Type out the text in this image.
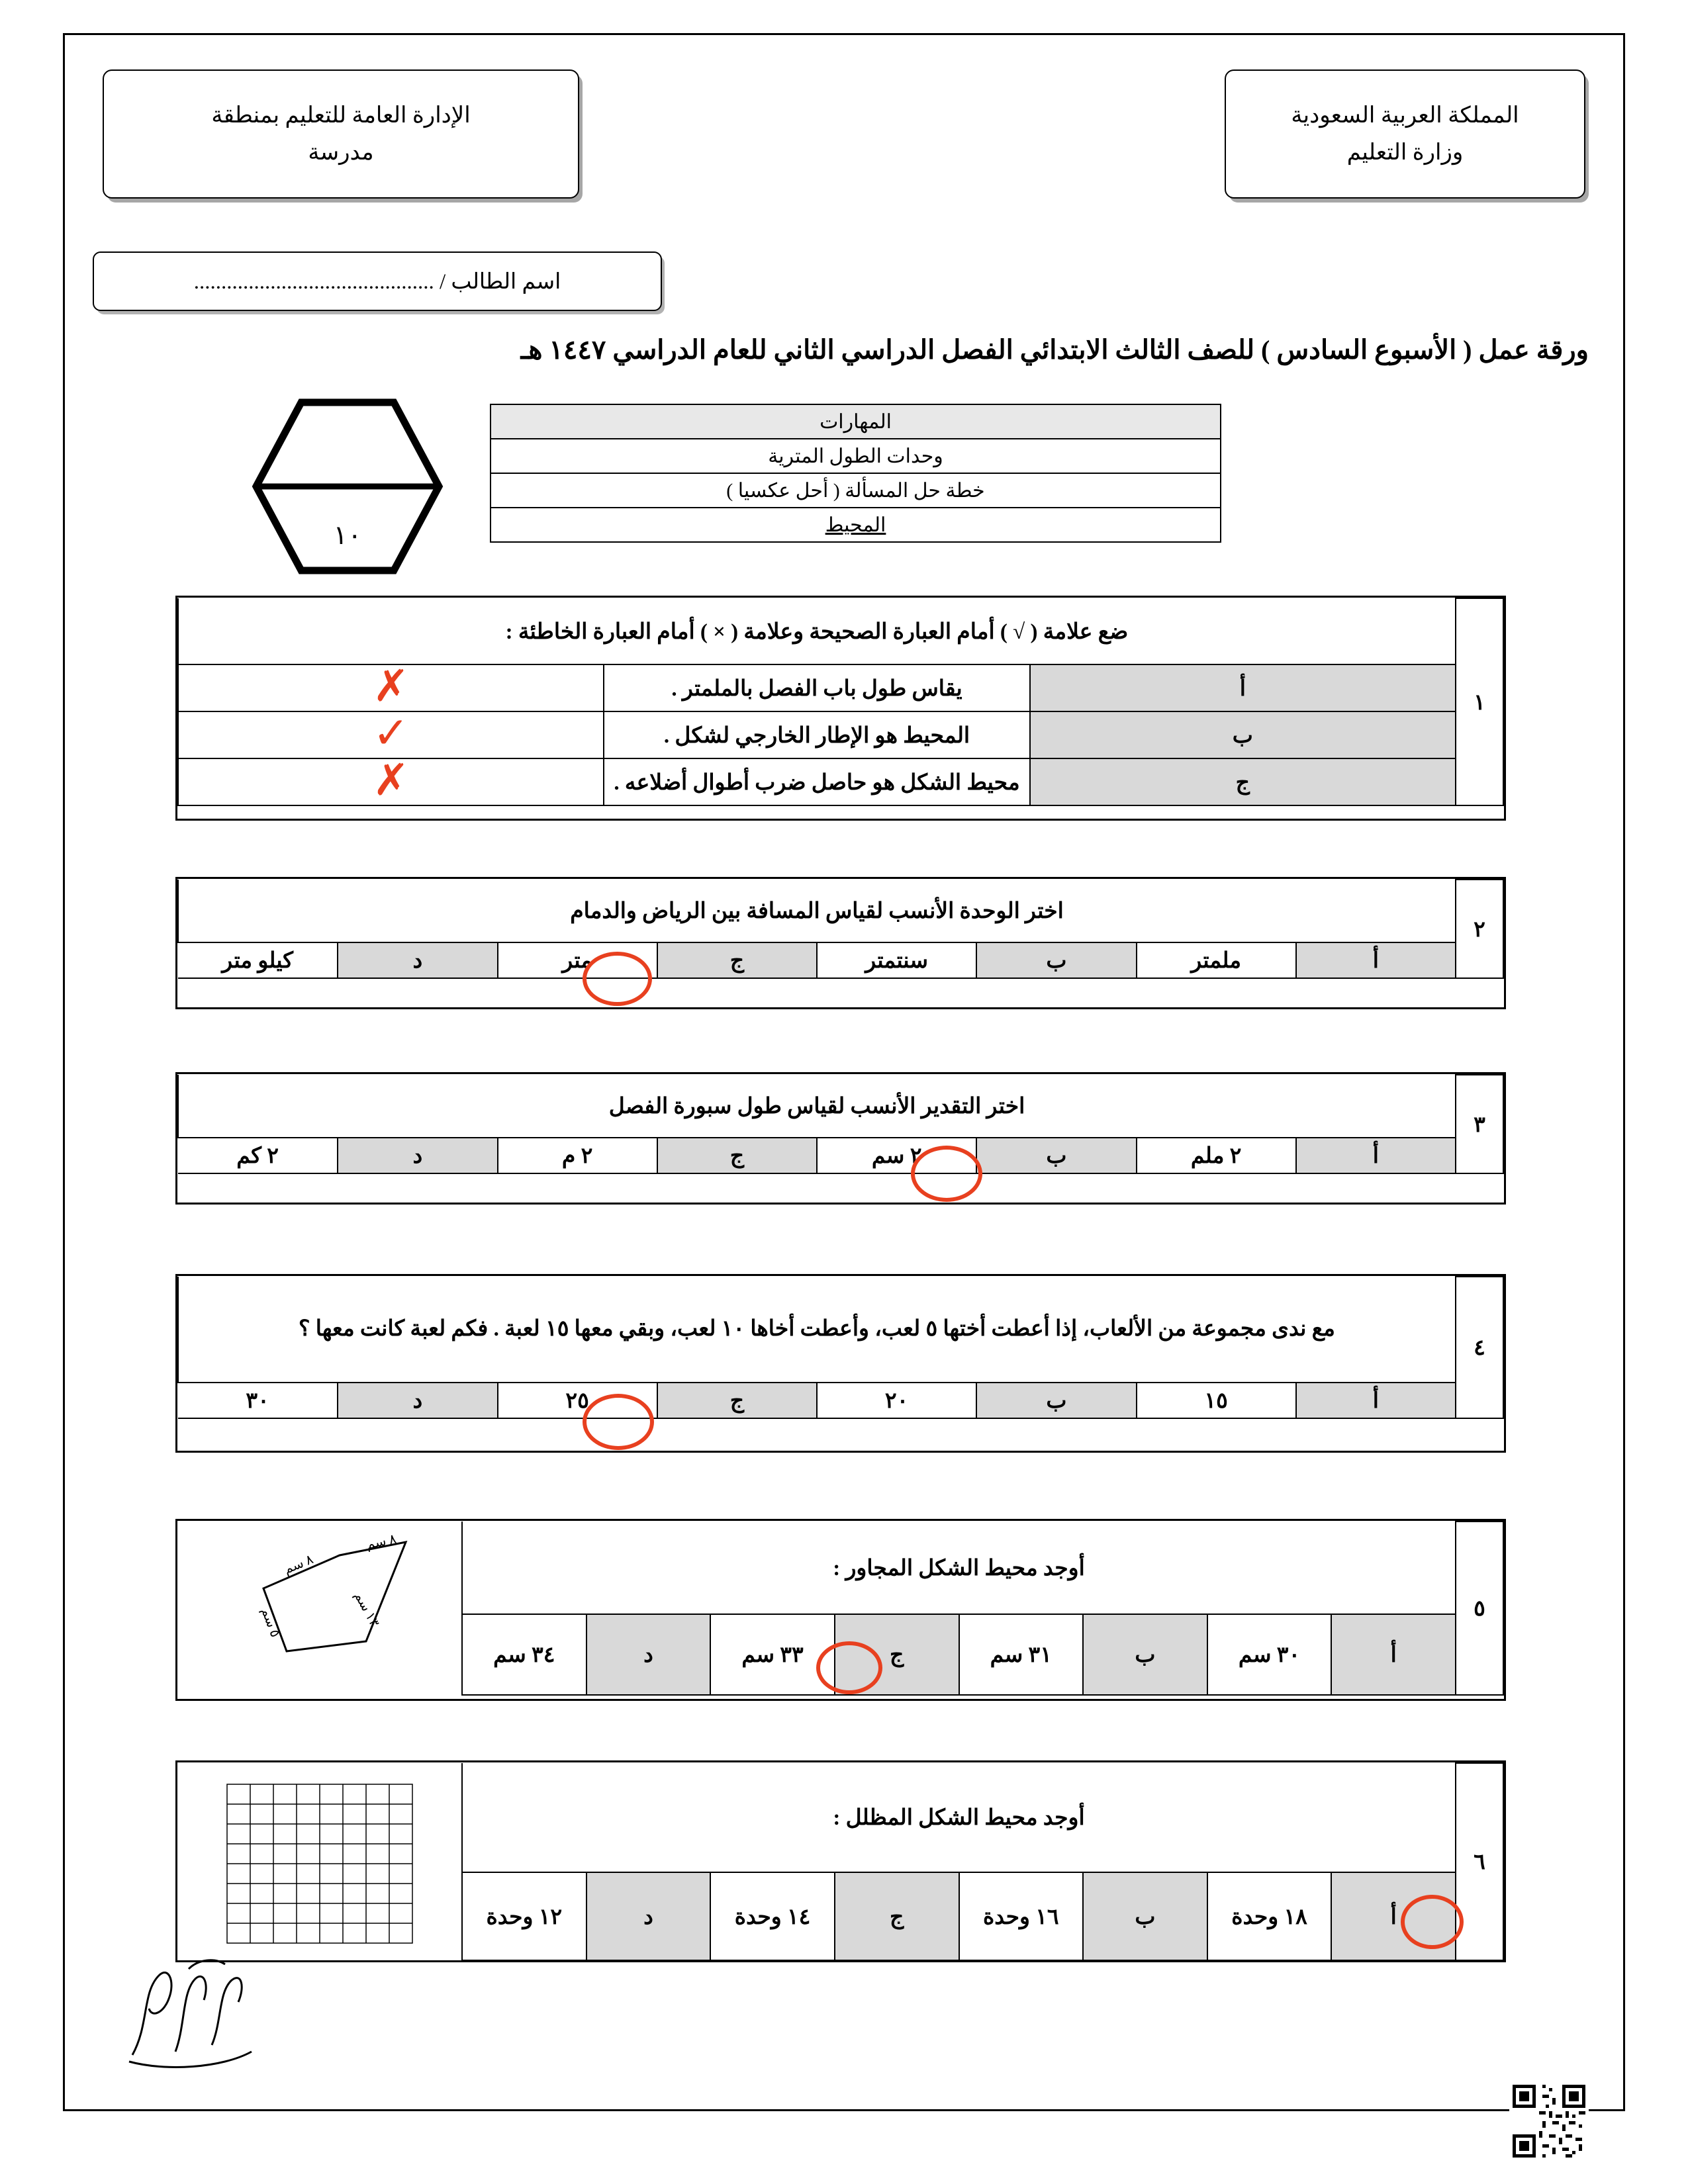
المملكة العربية السعودية
وزارة التعليم
الإدارة العامة للتعليم بمنطقة
مدرسة
اسم الطالب / ............................................
ورقة عمل ( الأسبوع السادس ) للصف الثالث الابتدائي الفصل الدراسي الثاني للعام الدراسي ١٤٤٧ هـ
١٠
المهارات
وحدات الطول المترية
خطة حل المسألة ( أحل عكسيا )
المحيط
١	ضع علامة ( √ ) أمام العبارة الصحيحة وعلامة ( × ) أمام العبارة الخاطئة :		
	أ	يقاس طول باب الفصل بالملمتر .	✗
	ب	المحيط هو الإطار الخارجي لشكل .	✓
	ج	محيط الشكل هو حاصل ضرب أطوال أضلاعه .	✗
٢	اختر الوحدة الأنسب لقياس المسافة بين الرياض والدمام							
	أ	ملمتر	ب	سنتمتر	ج	متر	د	كيلو متر
٣	اختر التقدير الأنسب لقياس طول سبورة الفصل							
	أ	٢ ملم	ب	٢ سم	ج	٢ م	د	٢ كم
٤	مع ندى مجموعة من الألعاب، إذا أعطت أختها ٥ لعب، وأعطت أخاها ١٠ لعب، وبقي معها ١٥ لعبة . فكم لعبة كانت معها ؟							
	أ	١٥	ب	٢٠	ج	٢٥	د	٣٠
٥	أوجد محيط الشكل المجاور :								٨ سم
٨ سم
١٣ سم
٥ سم

	أ	٣٠ سم	ب	٣١ سم	ج	٣٣ سم	د	٣٤ سم	
٦	أوجد محيط الشكل المظلل :	

	أ	١٨ وحدة	ب	١٦ وحدة	ج	١٤ وحدة	د	١٢ وحدة	
